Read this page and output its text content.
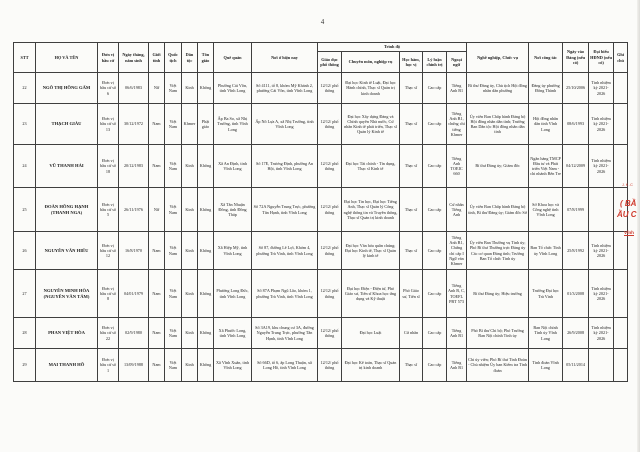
4
STT	HỌ VÀ TÊN	Đơn vị bầu cử	Ngày tháng, năm sinh	Giới tính	Quốc tịch	Dân tộc	Tôn giáo	Quê quán	Nơi ở hiện nay	Trình độ					Nghề nghiệp, Chức vụ	Nơi công tác	Ngày vào Đảng (nếu có)	Đại biểu HĐND (nếu có)	Ghi chú
										Giáo dục phổ thông	Chuyên môn, nghiệp vụ	Học hàm, học vị	Lý luận chính trị	Ngoại ngữ					
22	NGÔ THỊ HỒNG GẤM	Đơn vị bầu cử số 6	06/6/1983	Nữ	Việt Nam	Kinh	Không	Phường Cái Vồn, tỉnh Vĩnh Long	Số 4111, tổ 8, khóm Mỹ Khánh 2, phường Cái Vồn, tỉnh Vĩnh Long	12/12/ phổ thông	Đại học Kinh tế Luật, Đại học Hành chính, Thạc sĩ Quản trị kinh doanh	Thạc sĩ	Cao cấp	Tiếng Anh B1	Bí thư Đảng ủy, Chủ tịch Hội đồng nhân dân phường	Đảng ủy phường Đông Thành	25/10/2006	Tỉnh nhiệm kỳ 2021-2026	
23	THẠCH GIÀU	Đơn vị bầu cử số 13	30/12/1972	Nam	Việt Nam	Khmer	Phật giáo	Ấp Ba So, xã Nhị Trường, tỉnh Vĩnh Long	Ấp Nô Lựa A, xã Nhị Trường, tỉnh Vĩnh Long	12/12/ phổ thông	Đại học Xây dựng Đảng và Chính quyền Nhà nước, Cử nhân Kinh tế phát triển, Thạc sĩ Quản lý Kinh tế	Thạc sĩ	Cao cấp	Tiếng Anh B1, chứng chỉ tiếng Khmer	Ủy viên Ban Chấp hành Đảng bộ Hội đồng nhân dân tỉnh; Trưởng Ban Dân tộc Hội đồng nhân dân tỉnh	Hội đồng nhân dân tỉnh Vĩnh Long	08/6/1993	Tỉnh nhiệm kỳ 2021-2026	
24	VŨ THANH HẢI	Đơn vị bầu cử số 18	20/12/1983	Nam	Việt Nam	Kinh	Không	Xã An Định, tỉnh Vĩnh Long	Số 17E, Trương Định, phường An Hội, tỉnh Vĩnh Long	12/12/ phổ thông	Đại học Tài chính - Tín dụng, Thạc sĩ Kinh tế	Thạc sĩ	Cao cấp	Tiếng Anh TOEIC 660	Bí thư Đảng ủy; Giám đốc	Ngân hàng TMCP Đầu tư và Phát triển Việt Nam - chi nhánh Bến Tre	04/12/2009	Tỉnh nhiệm kỳ 2021-2026	
25	ĐOÀN HỒNG HẠNH (THANH NGA)	Đơn vị bầu cử số 5	26/11/1976	Nữ	Việt Nam	Kinh	Không	Xã Tân Nhuận Đông, tỉnh Đồng Tháp	Số 72A Nguyễn Trung Trực, phường Tân Hạnh, tỉnh Vĩnh Long	12/12/ phổ thông	Đại học Tin học, Đại học Tiếng Anh, Thạc sĩ Quản lý Công nghệ thông tin và Truyền thông, Thạc sĩ Quản trị kinh doanh	Thạc sĩ	Cao cấp	Cử nhân Tiếng Anh	Ủy viên Ban Chấp hành Đảng bộ tỉnh, Bí thư Đảng ủy; Giám đốc Sở	Sở Khoa học và Công nghệ tỉnh Vĩnh Long	07/8/1999		
26	NGUYỄN VĂN HIẾU	Đơn vị bầu cử số 12	16/8/1970	Nam	Việt Nam	Kinh	Không	Xã Hiệp Mỹ, tỉnh Vĩnh Long	Số 87, đường Lê Lợi, Khóm 4, phường Trà Vinh, tỉnh Vĩnh Long	12/12/ phổ thông	Đại học Văn hóa quần chúng; Đại học Kinh tế, Thạc sĩ Quản lý kinh tế	Thạc sĩ	Cao cấp	Tiếng Anh B1, Chứng chỉ cấp I Ngữ văn Khmer	Ủy viên Ban Thường vụ Tỉnh ủy; Phó Bí thư Thường trực Đảng ủy Các cơ quan Đảng tỉnh; Trưởng Ban Tổ chức Tỉnh ủy	Ban Tổ chức Tỉnh ủy Vĩnh Long	25/8/1992	Tỉnh nhiệm kỳ 2021-2026	
27	NGUYỄN MINH HÒA (NGUYỄN VĂN TÁM)	Đơn vị bầu cử số 8	04/01/1979	Nam	Việt Nam	Kinh	Không	Phường Long Đức, tỉnh Vĩnh Long	Số 87A Phạm Ngũ Lão, khóm 1, phường Trà Vinh, tỉnh Vĩnh Long	12/12/ phổ thông	Đại học Điện - Điện tử, Phó Giáo sư, Tiến sĩ Khoa học ứng dụng và Kỹ thuật	Phó Giáo sư, Tiến sĩ	Cao cấp	Tiếng Anh B, C, TOEFL PBT 573	Bí thư Đảng ủy; Hiệu trưởng	Trường Đại học Trà Vinh	01/3/2008	Tỉnh nhiệm kỳ 2021-2026	
28	PHAN VIỆT HÒA	Đơn vị bầu cử số 22	02/9/1980	Nam	Việt Nam	Kinh	Không	Xã Phước Long, tỉnh Vĩnh Long	Số 3A19, khu chung cư 3A, đường Nguyễn Trung Trực, phường Tân Hạnh, tỉnh Vĩnh Long	12/12/ phổ thông	Đại học Luật	Cử nhân	Cao cấp	Tiếng Anh B1	Phó Bí thư Chi bộ; Phó Trưởng Ban Nội chính Tỉnh ủy	Ban Nội chính Tỉnh ủy Vĩnh Long	26/9/2008	Tỉnh nhiệm kỳ 2021-2026	
29	MAI THANH HỒ	Đơn vị bầu cử số 1	13/09/1988	Nam	Việt Nam	Kinh	Không	Xã Vĩnh Xuân, tỉnh Vĩnh Long	Số 66D, tổ 6, ấp Long Thuận, xã Long Hồ, tỉnh Vĩnh Long	12/12/ phổ thông	Đại học Kế toán, Thạc sĩ Quản trị kinh doanh	Thạc sĩ	Cao cấp	Tiếng Anh B1	Chi ủy viên; Phó Bí thư Tỉnh Đoàn - Chủ nhiệm Ủy ban Kiểm tra Tỉnh đoàn	Tỉnh đoàn Vĩnh Long	05/11/2014		
J.K.C
( BẦ
ẦU C
Vĩnh
